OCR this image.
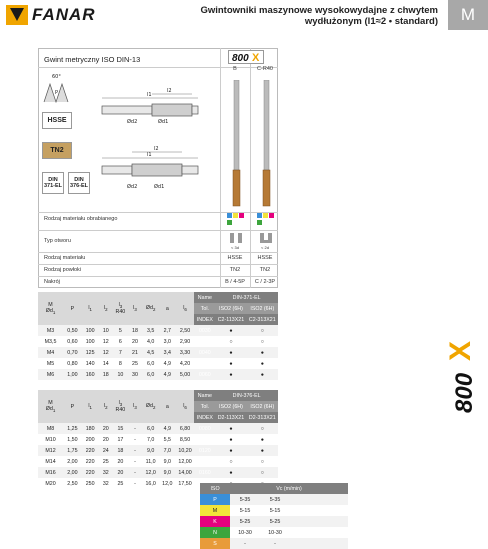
FANAR	Gwintowniki maszynowe wysokowydajne z chwytem
wydłużonym (l1≈2 • standard)	M
800
X
Gwint metryczny ISO DIN-13	800 X
B	C-R40
60°
P
HSSE
TN2
DIN 371-EL
DIN 376-EL
l1
l2
l1
l2
Ød2	Ød1
Ød2	Ød1
Rodzaj materiału obrabianego
Typ otworu
< 3d	< 2d
Rodzaj materiału	HSSE	HSSE
Rodzaj powłoki	TN2	TN2
Nakrój	B / 4-5P	C / 2-3P
M
$Ød_1$	P	$l_1$	$l_2$	$l_3$
R40	$l_3$	$Ød_2$	a	$l_6$	Name	DIN-371-EL	
									Tol.	ISO2 (6H)	ISO2 (6H)
									INDEX	C2-113X21	C2-313X21
M3	0,50	100	10	5	18	3,5	2,7	2,50	0030	●	○
M3,5	0,60	100	12	6	20	4,0	3,0	2,90	0035	○	○
M4	0,70	125	12	7	21	4,5	3,4	3,30	0040	●	●
M5	0,80	140	14	8	25	6,0	4,9	4,20	0050	●	●
M6	1,00	160	18	10	30	6,0	4,9	5,00	0060	●	●
M
$Ød_1$	P	$l_1$	$l_2$	$l_3$
R40	$l_3$	$Ød_2$	a	$l_6$	Name	DIN-376-EL	
									Tol.	ISO2 (6H)	ISO2 (6H)
									INDEX	D2-113X21	D2-313X21
M8	1,25	180	20	15	-	6,0	4,9	6,80	0080	●	○
M10	1,50	200	20	17	-	7,0	5,5	8,50	0100	●	●
M12	1,75	220	24	18	-	9,0	7,0	10,20	0120	●	●
M14	2,00	220	25	20	-	11,0	9,0	12,00	0140	○	○
M16	2,00	220	32	20	-	12,0	9,0	14,00	0160	●	○
M20	2,50	250	32	25	-	16,0	12,0	17,50			
ISO	Vc (m/min)		
P	5-35	5-35	
M	5-15	5-15	
K	5-25	5-25	
N	10-30	10-30	
S	-	-	
